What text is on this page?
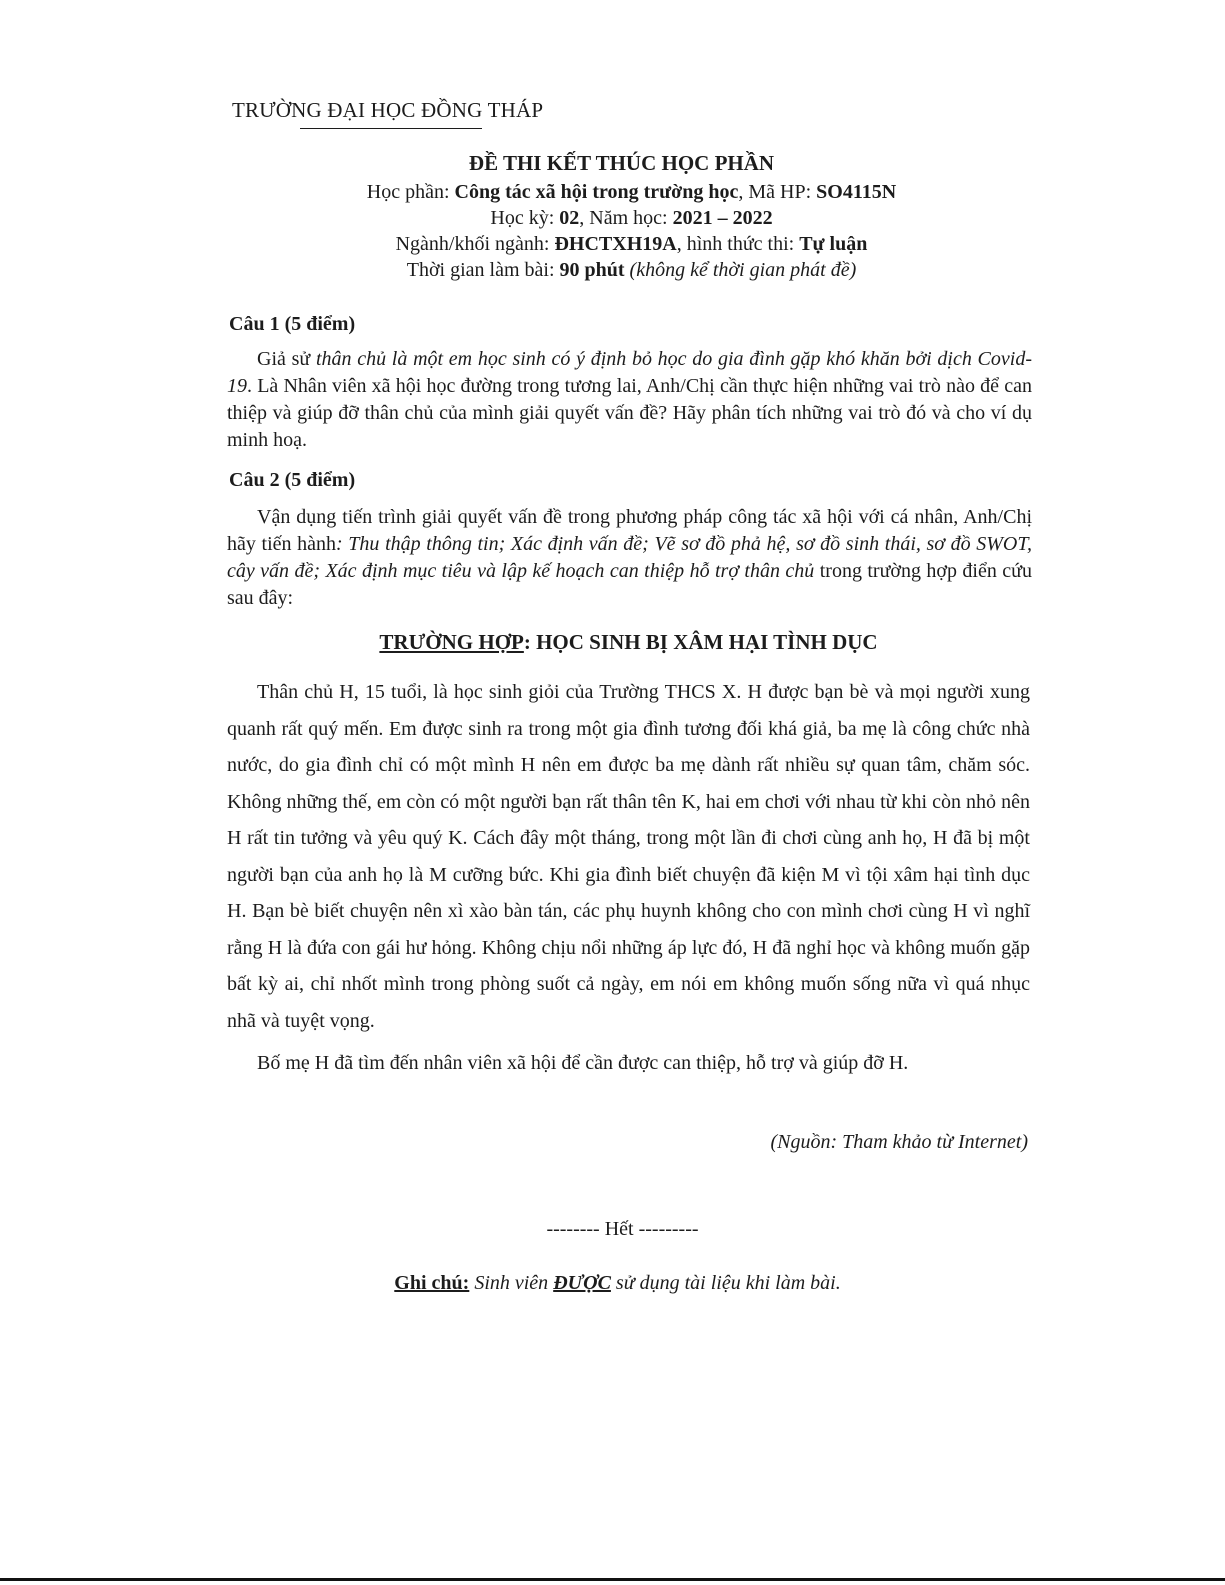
TRƯỜNG ĐẠI HỌC ĐỒNG THÁP
ĐỀ THI KẾT THÚC HỌC PHẦN
Học phần: Công tác xã hội trong trường học, Mã HP: SO4115N
Học kỳ: 02, Năm học: 2021 – 2022
Ngành/khối ngành: ĐHCTXH19A, hình thức thi: Tự luận
Thời gian làm bài: 90 phút (không kể thời gian phát đề)
Câu 1 (5 điểm)
Giả sử thân chủ là một em học sinh có ý định bỏ học do gia đình gặp khó khăn bởi dịch Covid-19. Là Nhân viên xã hội học đường trong tương lai, Anh/Chị cần thực hiện những vai trò nào để can thiệp và giúp đỡ thân chủ của mình giải quyết vấn đề? Hãy phân tích những vai trò đó và cho ví dụ minh hoạ.
Câu 2 (5 điểm)
Vận dụng tiến trình giải quyết vấn đề trong phương pháp công tác xã hội với cá nhân, Anh/Chị hãy tiến hành: Thu thập thông tin; Xác định vấn đề; Vẽ sơ đồ phả hệ, sơ đồ sinh thái, sơ đồ SWOT, cây vấn đề; Xác định mục tiêu và lập kế hoạch can thiệp hỗ trợ thân chủ trong trường hợp điển cứu sau đây:
TRƯỜNG HỢP: HỌC SINH BỊ XÂM HẠI TÌNH DỤC

Thân chủ H, 15 tuổi, là học sinh giỏi của Trường THCS X. H được bạn bè và mọi người xung quanh rất quý mến. Em được sinh ra trong một gia đình tương đối khá giả, ba mẹ là công chức nhà nước, do gia đình chỉ có một mình H nên em được ba mẹ dành rất nhiều sự quan tâm, chăm sóc. Không những thế, em còn có một người bạn rất thân tên K, hai em chơi với nhau từ khi còn nhỏ nên H rất tin tưởng và yêu quý K. Cách đây một tháng, trong một lần đi chơi cùng anh họ, H đã bị một người bạn của anh họ là M cưỡng bức. Khi gia đình biết chuyện đã kiện M vì tội xâm hại tình dục H. Bạn bè biết chuyện nên xì xào bàn tán, các phụ huynh không cho con mình chơi cùng H vì nghĩ rằng H là đứa con gái hư hỏng. Không chịu nổi những áp lực đó, H đã nghỉ học và không muốn gặp bất kỳ ai, chỉ nhốt mình trong phòng suốt cả ngày, em nói em không muốn sống nữa vì quá nhục nhã và tuyệt vọng.

Bố mẹ H đã tìm đến nhân viên xã hội để cần được can thiệp, hỗ trợ và giúp đỡ H.

(Nguồn: Tham khảo từ Internet)
-------- Hết ---------
Ghi chú: Sinh viên ĐƯỢC sử dụng tài liệu khi làm bài.
